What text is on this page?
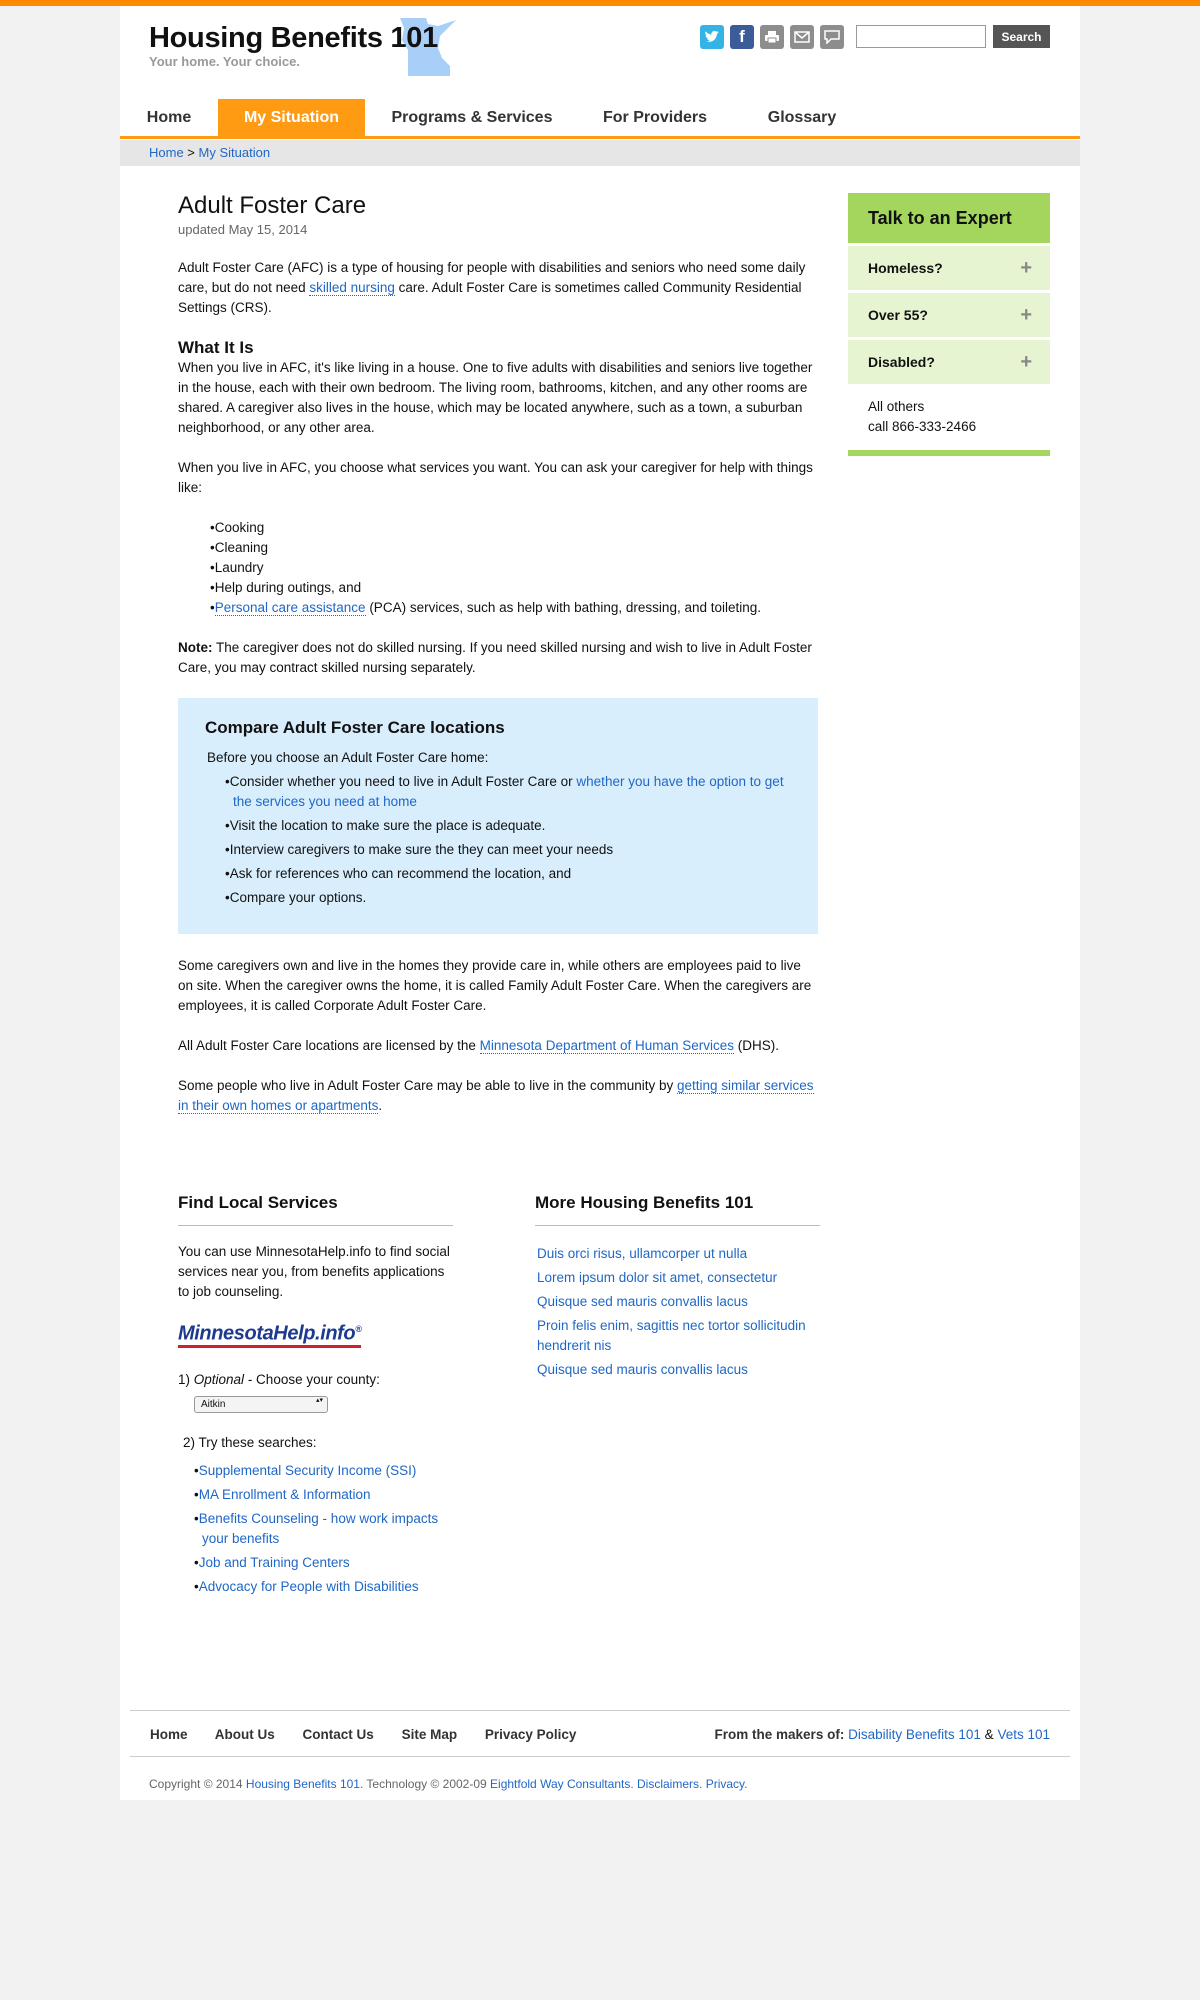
Housing Benefits 101
Your home. Your choice.
f	Search
Home	My Situation	Programs & Services	For Providers	Glossary
Home > My Situation
Adult Foster Care
updated May 15, 2014

Adult Foster Care (AFC) is a type of housing for people with disabilities and seniors who need some daily care, but do not need skilled nursing care. Adult Foster Care is sometimes called Community Residential Settings (CRS).

What It Is

When you live in AFC, it's like living in a house. One to five adults with disabilities and seniors live together in the house, each with their own bedroom. The living room, bathrooms, kitchen, and any other rooms are shared. A caregiver also lives in the house, which may be located anywhere, such as a town, a suburban neighborhood, or any other area.

When you live in AFC, you choose what services you want. You can ask your caregiver for help with things like:

• Cooking
• Cleaning
• Laundry
• Help during outings, and
• Personal care assistance (PCA) services, such as help with bathing, dressing, and toileting.

Note: The caregiver does not do skilled nursing. If you need skilled nursing and wish to live in Adult Foster Care, you may contract skilled nursing separately.

Compare Adult Foster Care locations
Before you choose an Adult Foster Care home:
• Consider whether you need to live in Adult Foster Care or whether you have the option to get the services you need at home
• Visit the location to make sure the place is adequate.
• Interview caregivers to make sure the they can meet your needs
• Ask for references who can recommend the location, and
• Compare your options.

Some caregivers own and live in the homes they provide care in, while others are employees paid to live on site. When the caregiver owns the home, it is called Family Adult Foster Care. When the caregivers are employees, it is called Corporate Adult Foster Care.

All Adult Foster Care locations are licensed by the Minnesota Department of Human Services (DHS).

Some people who live in Adult Foster Care may be able to live in the community by getting similar services in their own homes or apartments.

Find Local Services

You can use MinnesotaHelp.info to find social services near you, from benefits applications to job counseling.

MinnesotaHelp.info®
1) Optional - Choose your county:
Aitkin ▴▾
2) Try these searches:
• Supplemental Security Income (SSI)
• MA Enrollment & Information
• Benefits Counseling - how work impacts your benefits
• Job and Training Centers
• Advocacy for People with Disabilities
More Housing Benefits 101
Duis orci risus, ullamcorper ut nulla
Lorem ipsum dolor sit amet, consectetur
Quisque sed mauris convallis lacus
Proin felis enim, sagittis nec tortor sollicitudin hendrerit nis
Quisque sed mauris convallis lacus
Talk to an Expert
Homeless?	+
Over 55?	+
Disabled?	+
All others
call 866-333-2466
Home About Us Contact Us Site Map Privacy Policy	From the makers of: Disability Benefits 101 & Vets 101
Copyright © 2014 Housing Benefits 101. Technology © 2002-09 Eightfold Way Consultants. Disclaimers. Privacy.
